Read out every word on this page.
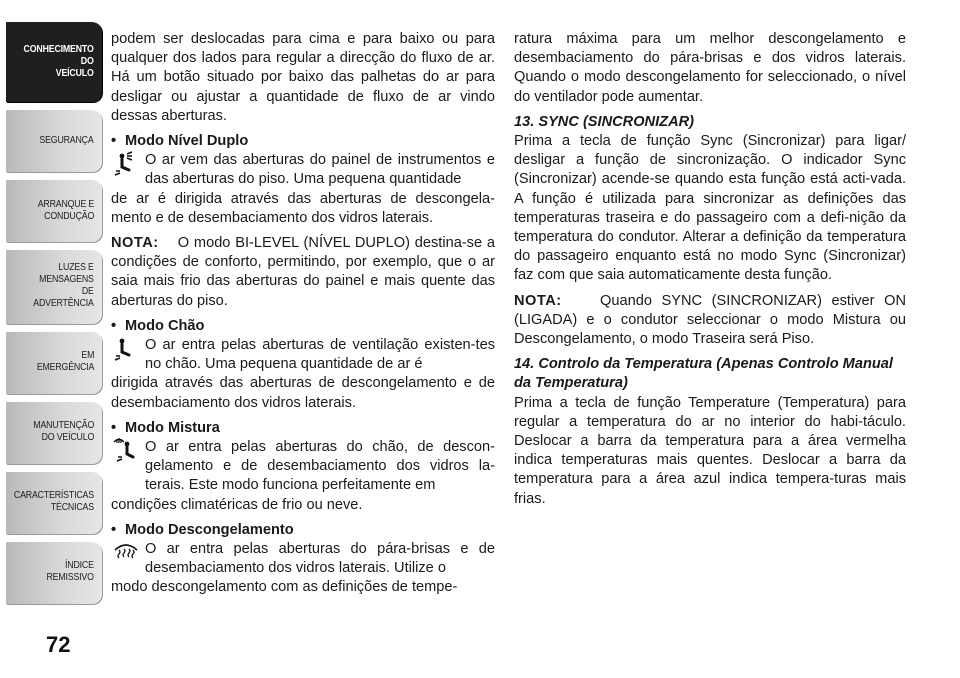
CONHECIMENTO
DO
VEÍCULO
SEGURANÇA
ARRANQUE E
CONDUÇÃO
LUZES E
MENSAGENS
DE
ADVERTÊNCIA
EM
EMERGÊNCIA
MANUTENÇÃO
DO VEÍCULO
CARACTERÍSTICAS
TÉCNICAS
ÍNDICE
REMISSIVO
72

podem ser deslocadas para cima e para baixo ou para qualquer dos lados para regular a direcção do fluxo de ar. Há um botão situado por baixo das palhetas do ar para desligar ou ajustar a quantidade de fluxo de ar vindo dessas aberturas.

• Modo Nível Duplo
O ar vem das aberturas do painel de instrumentos e das aberturas do piso. Uma pequena quantidade

de ar é dirigida através das aberturas de descongela-mento e de desembaciamento dos vidros laterais.

NOTA: O modo BI-LEVEL (NÍVEL DUPLO) destina-se a condições de conforto, permitindo, por exemplo, que o ar saia mais frio das aberturas do painel e mais quente das aberturas do piso.

• Modo Chão
O ar entra pelas aberturas de ventilação existen-tes no chão. Uma pequena quantidade de ar é

dirigida através das aberturas de descongelamento e de desembaciamento dos vidros laterais.

• Modo Mistura
O ar entra pelas aberturas do chão, de descon-gelamento e de desembaciamento dos vidros la-terais. Este modo funciona perfeitamente em

condições climatéricas de frio ou neve.

• Modo Descongelamento
O ar entra pelas aberturas do pára-brisas e de desembaciamento dos vidros laterais. Utilize o

modo descongelamento com as definições de tempe-

ratura máxima para um melhor descongelamento e desembaciamento do pára-brisas e dos vidros laterais. Quando o modo descongelamento for seleccionado, o nível do ventilador pode aumentar.

13. SYNC (SINCRONIZAR)

Prima a tecla de função Sync (Sincronizar) para ligar/ desligar a função de sincronização. O indicador Sync (Sincronizar) acende-se quando esta função está acti-vada. A função é utilizada para sincronizar as definições das temperaturas traseira e do passageiro com a defi-nição da temperatura do condutor. Alterar a definição da temperatura do passageiro enquanto está no modo Sync (Sincronizar) faz com que saia automaticamente desta função.

NOTA:	Quando SYNC (SINCRONIZAR) estiver ON (LIGADA) e o condutor seleccionar o modo Mistura ou Descongelamento, o modo Traseira será Piso.

14. Controlo da Temperatura (Apenas Controlo Manual da Temperatura)

Prima a tecla de função Temperature (Temperatura) para regular a temperatura do ar no interior do habi-táculo. Deslocar a barra da temperatura para a área vermelha indica temperaturas mais quentes. Deslocar a barra da temperatura para a área azul indica tempera-turas mais frias.
